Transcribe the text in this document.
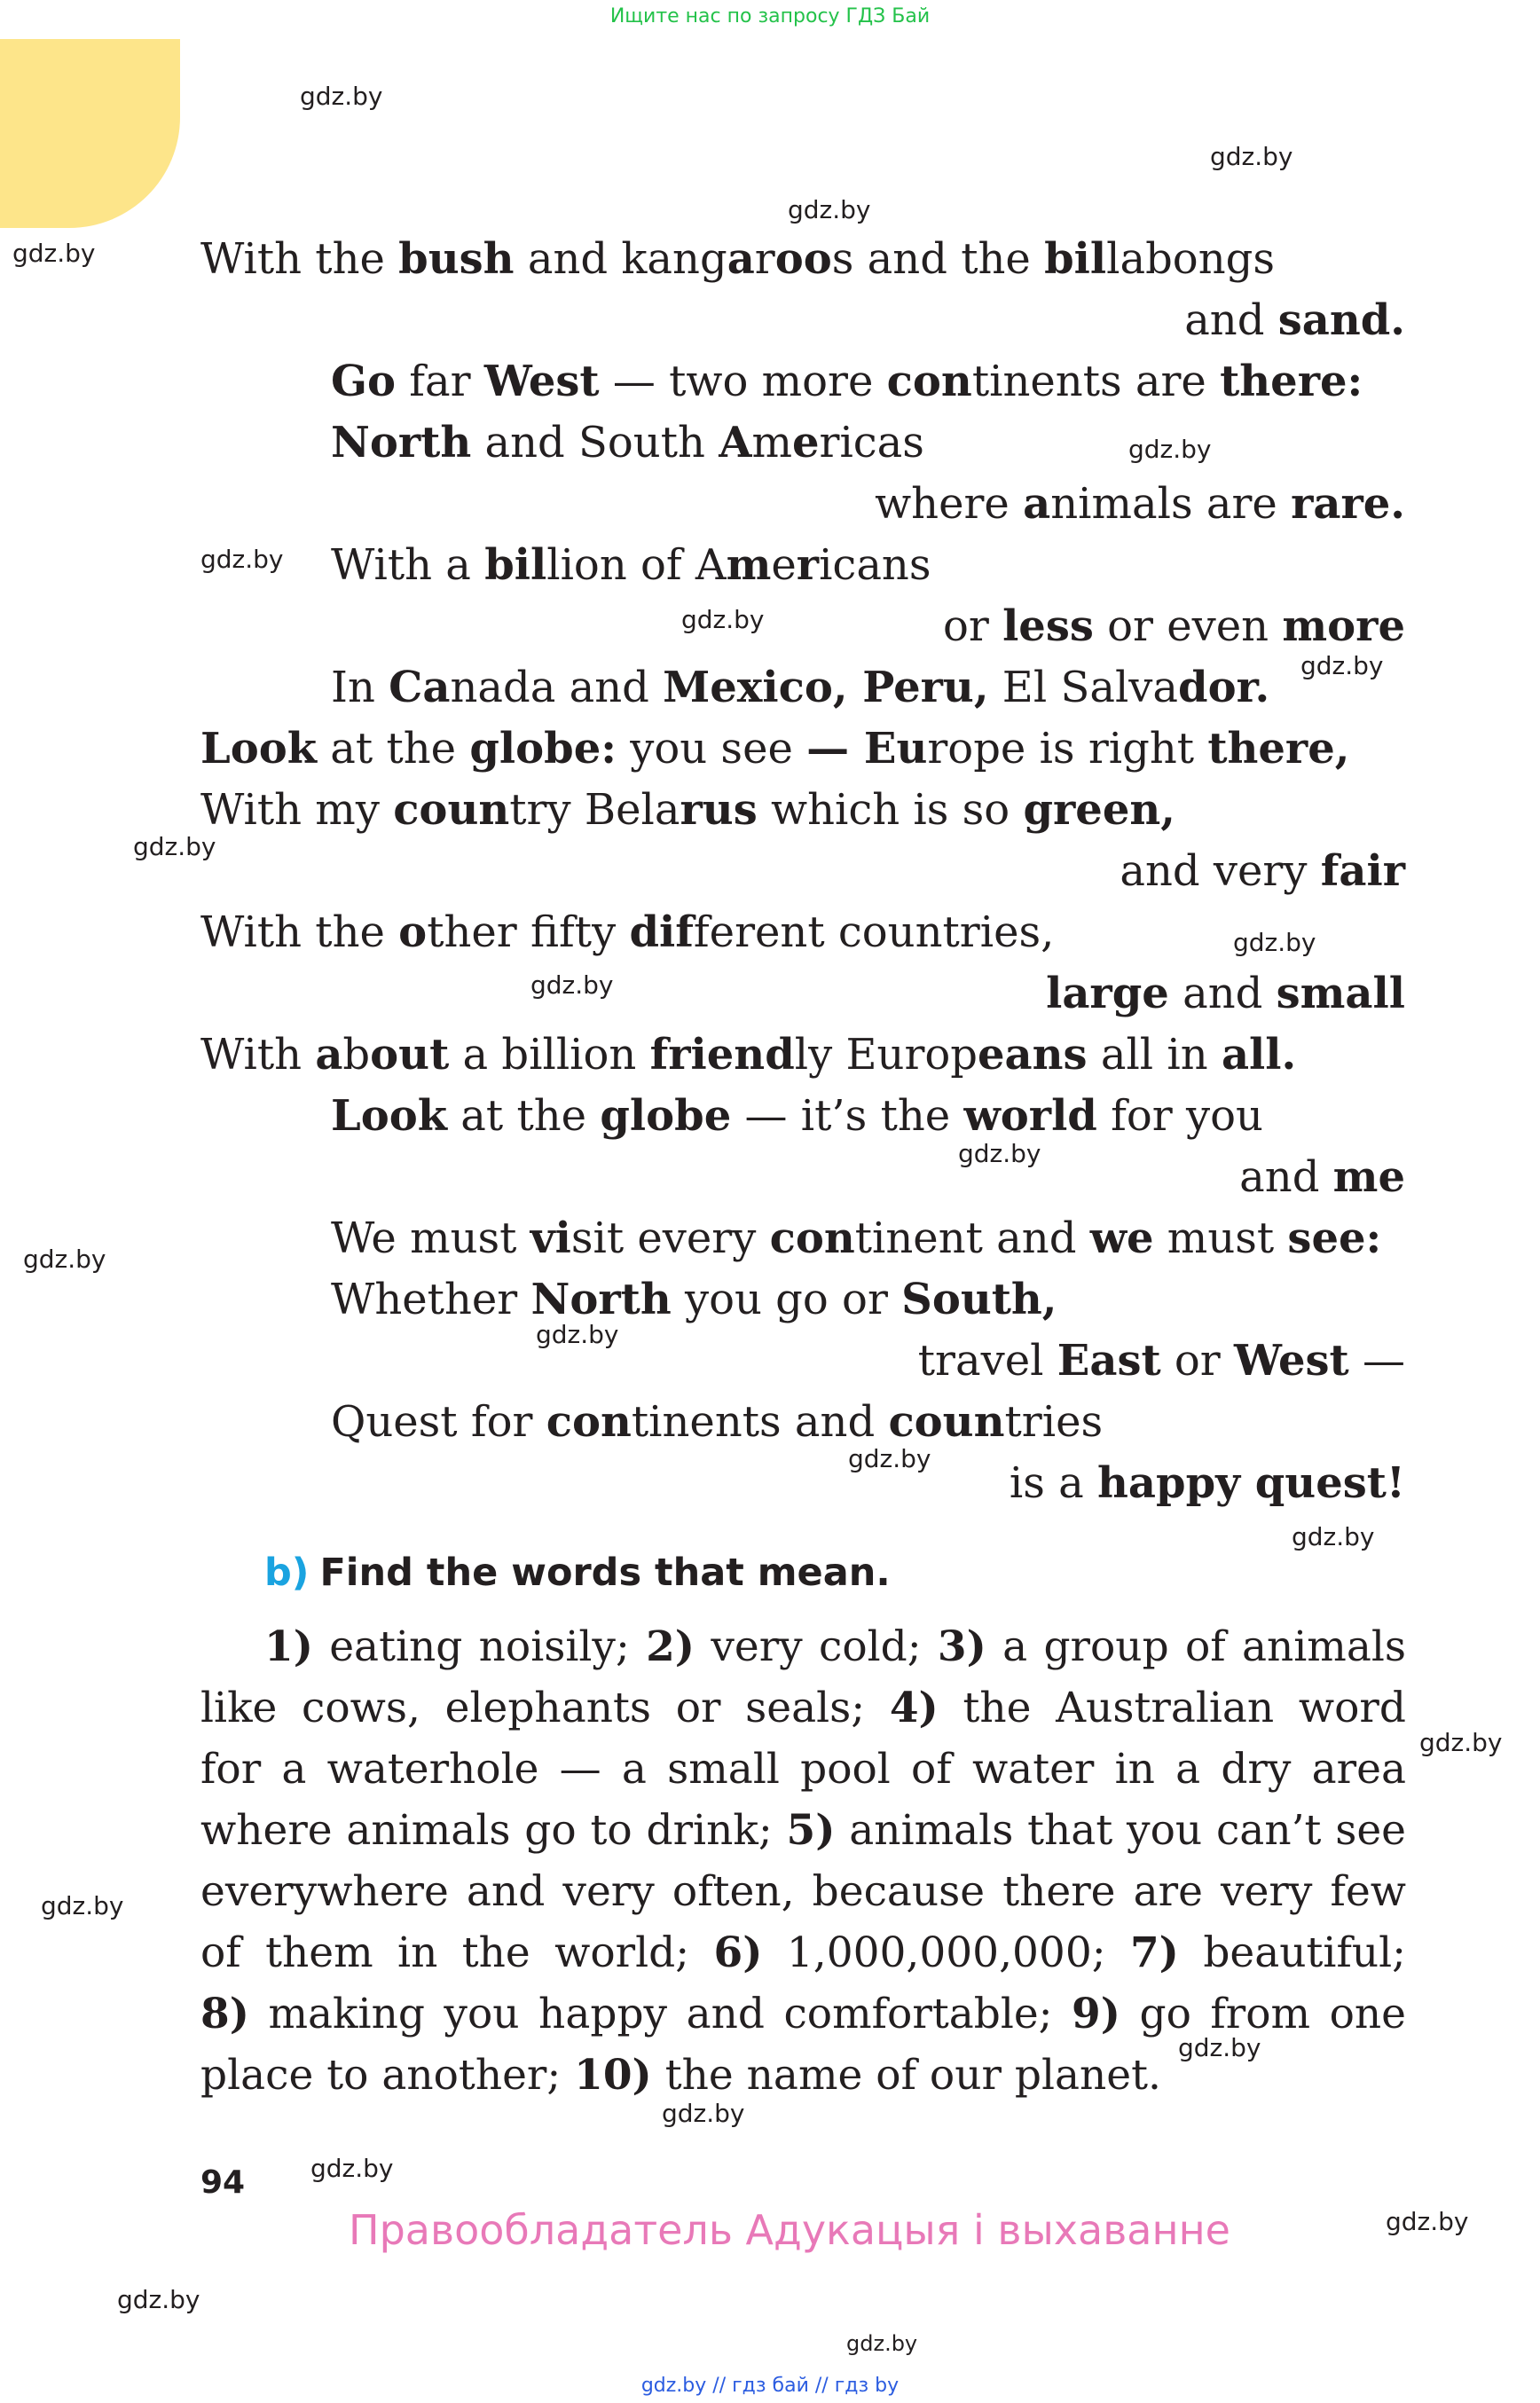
Ищите нас по запросу ГДЗ Бай
gdz.by
gdz.by
gdz.by
gdz.by
gdz.by
gdz.by
gdz.by
gdz.by
gdz.by
gdz.by
gdz.by
gdz.by
gdz.by
gdz.by
gdz.by
gdz.by
gdz.by
gdz.by
gdz.by
gdz.by
gdz.by
gdz.by
gdz.by
gdz.by
With the bush and kangaroos and the billabongs
and sand.
Go far West — two more continents are there:
North and South Americas
where animals are rare.
With a billion of Americans
or less or even more
In Canada and Mexico, Peru, El Salvador.
Look at the globe: you see — Europe is right there,
With my country Belarus which is so green,
and very fair
With the other fifty different countries,
large and small
With about a billion friendly Europeans all in all.
Look at the globe — it’s the world for you
and me
We must visit every continent and we must see:
Whether North you go or South,
travel East or West —
Quest for continents and countries
is a happy quest!
b) Find the words that mean.
1) eating noisily; 2) very cold; 3) a group of animals
like cows, elephants or seals; 4) the Australian word
for a waterhole — a small pool of water in a dry area
where animals go to drink; 5) animals that you can’t see
everywhere and very often, because there are very few
of them in the world; 6) 1,000,000,000; 7) beautiful;
8) making you happy and comfortable; 9) go from one
place to another; 10) the name of our planet.
94
Правообладатель Адукацыя і выхаванне
gdz.by // гдз бай // гдз by
